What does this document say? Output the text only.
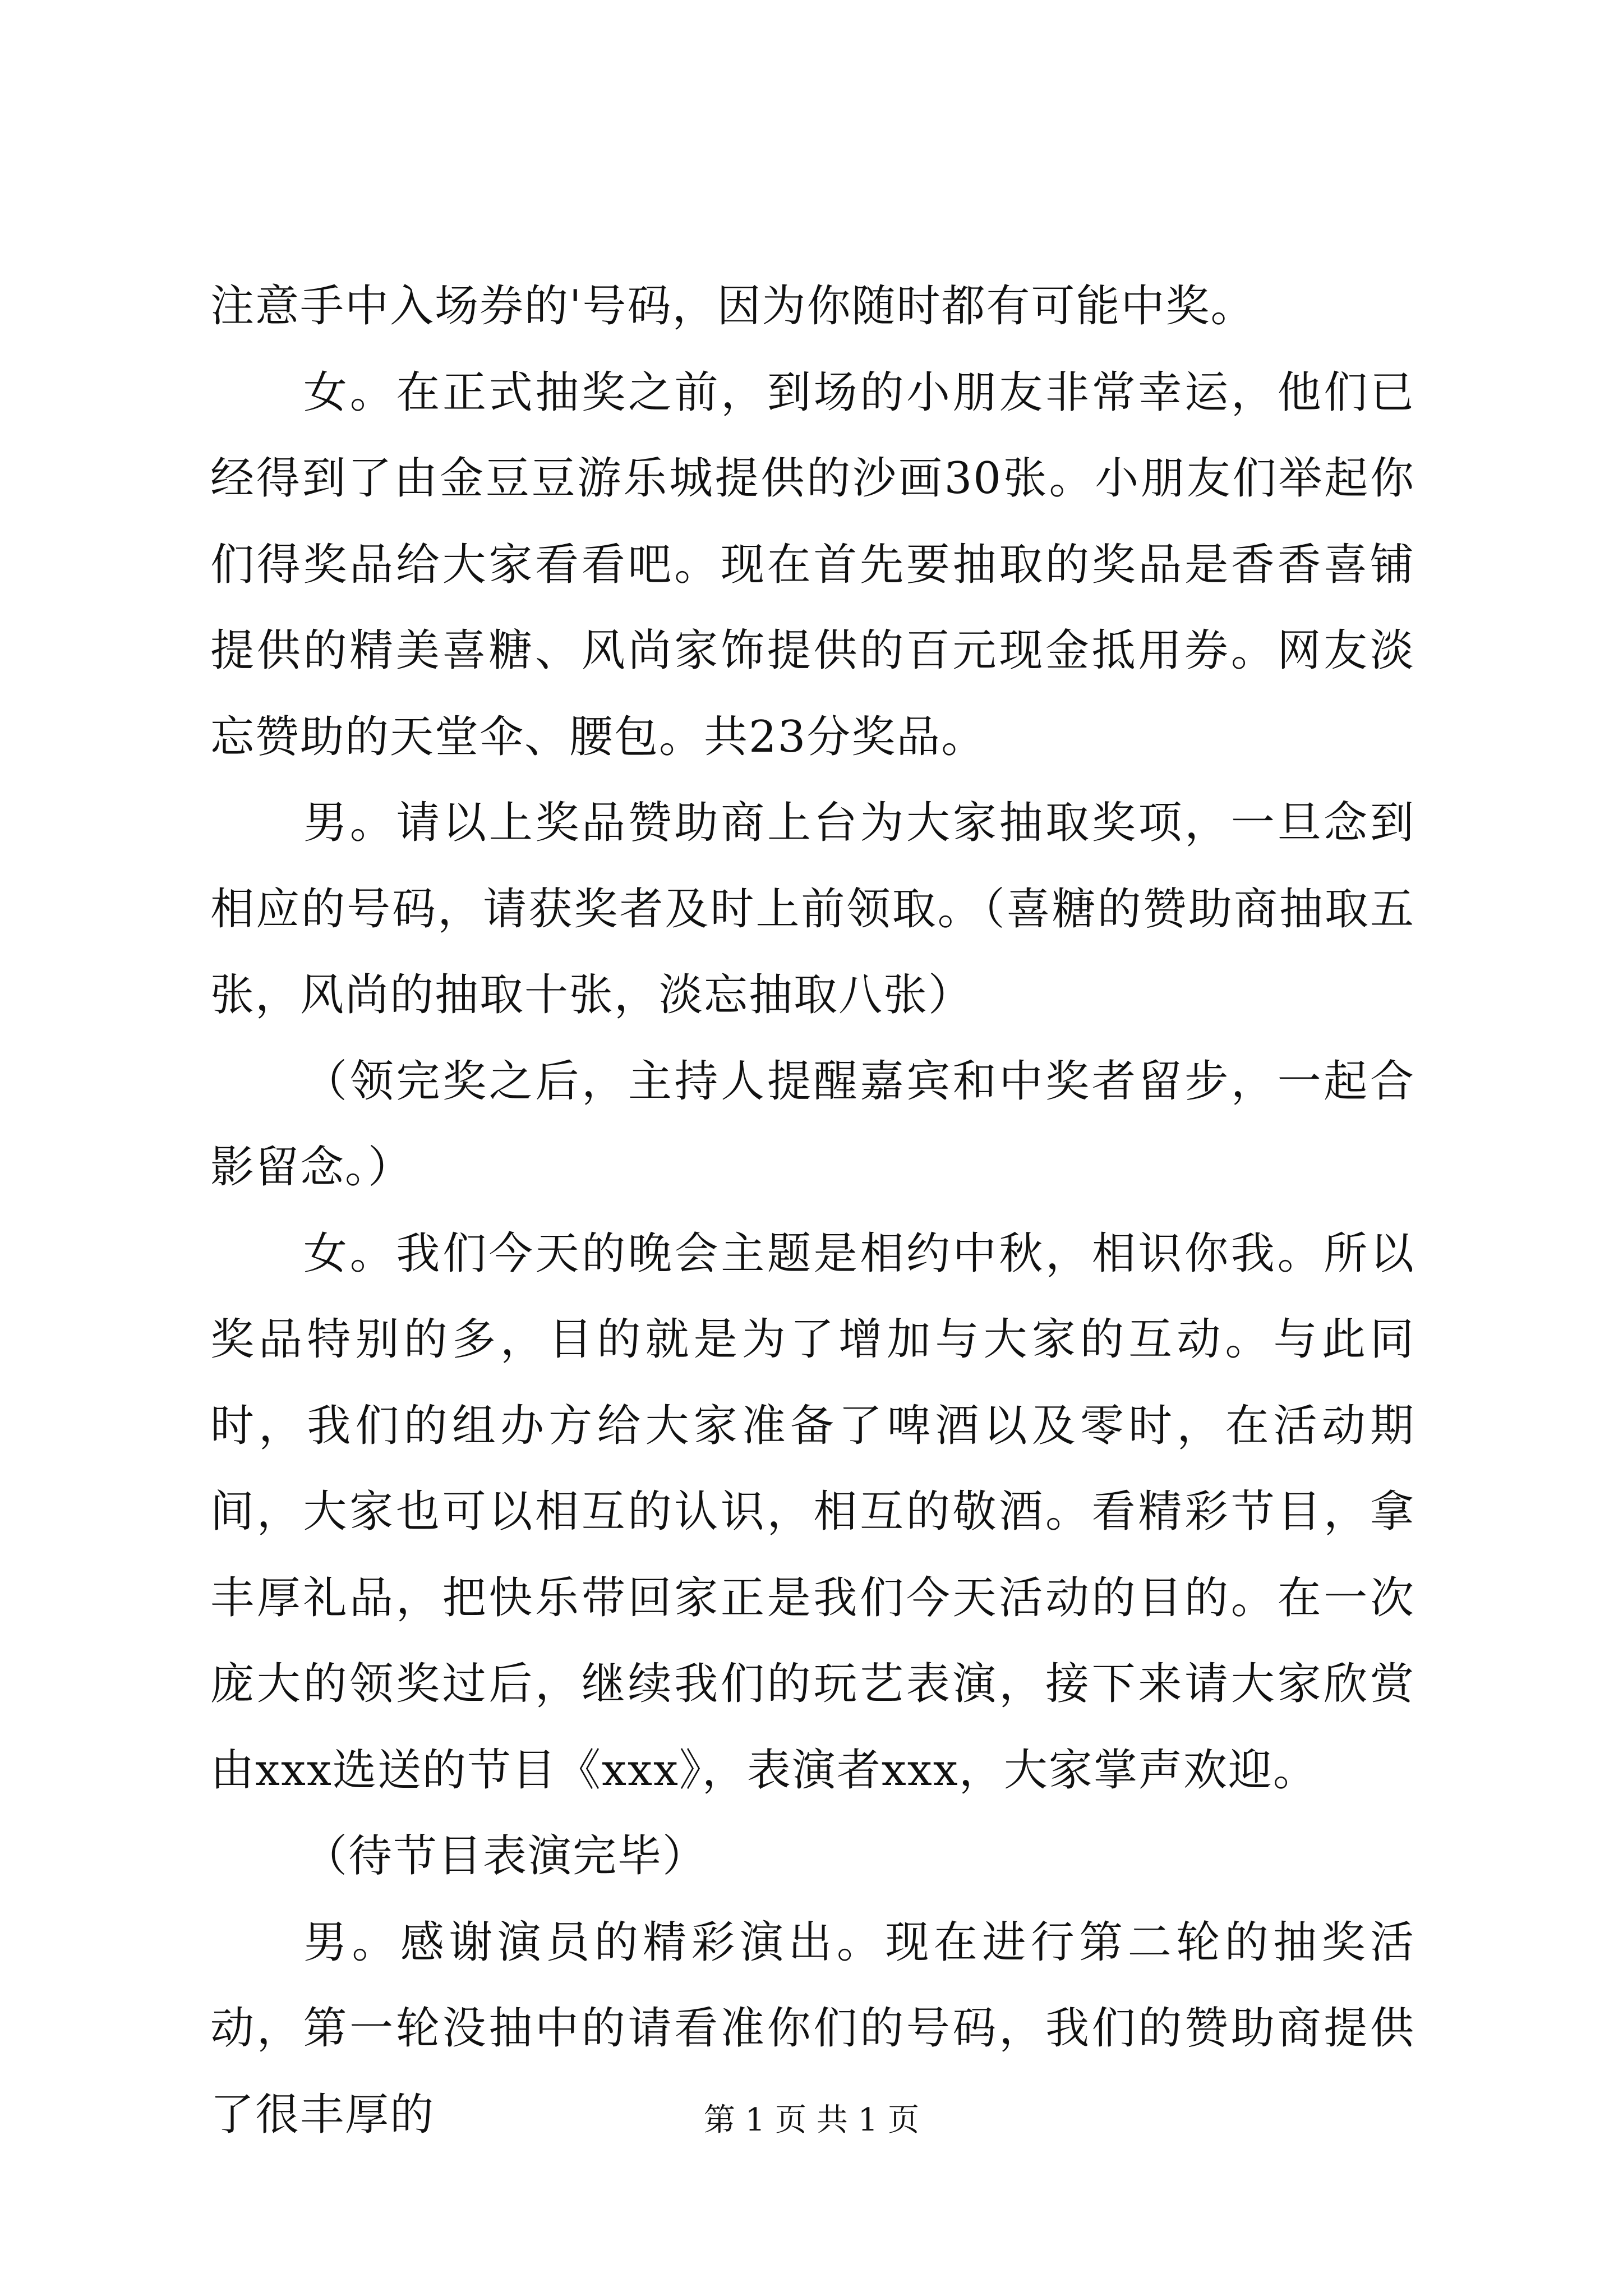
注意手中入场券的'号码，因为你随时都有可能中奖。

女。在正式抽奖之前，到场的小朋友非常幸运，他们已经得到了由金豆豆游乐城提供的沙画30张。小朋友们举起你们得奖品给大家看看吧。现在首先要抽取的奖品是香香喜铺提供的精美喜糖、风尚家饰提供的百元现金抵用券。网友淡忘赞助的天堂伞、腰包。共23分奖品。

男。请以上奖品赞助商上台为大家抽取奖项，一旦念到相应的号码，请获奖者及时上前领取。（喜糖的赞助商抽取五张，风尚的抽取十张，淡忘抽取八张）

（领完奖之后，主持人提醒嘉宾和中奖者留步，一起合影留念。）

女。我们今天的晚会主题是相约中秋，相识你我。所以奖品特别的多，目的就是为了增加与大家的互动。与此同时，我们的组办方给大家准备了啤酒以及零时，在活动期间，大家也可以相互的认识，相互的敬酒。看精彩节目，拿丰厚礼品，把快乐带回家正是我们今天活动的目的。在一次庞大的领奖过后，继续我们的玩艺表演，接下来请大家欣赏由xxx选送的节目《xxx》，表演者xxx，大家掌声欢迎。

（待节目表演完毕）

男。感谢演员的精彩演出。现在进行第二轮的抽奖活动，第一轮没抽中的请看准你们的号码，我们的赞助商提供了很丰厚的	第 1 页 共 1 页
